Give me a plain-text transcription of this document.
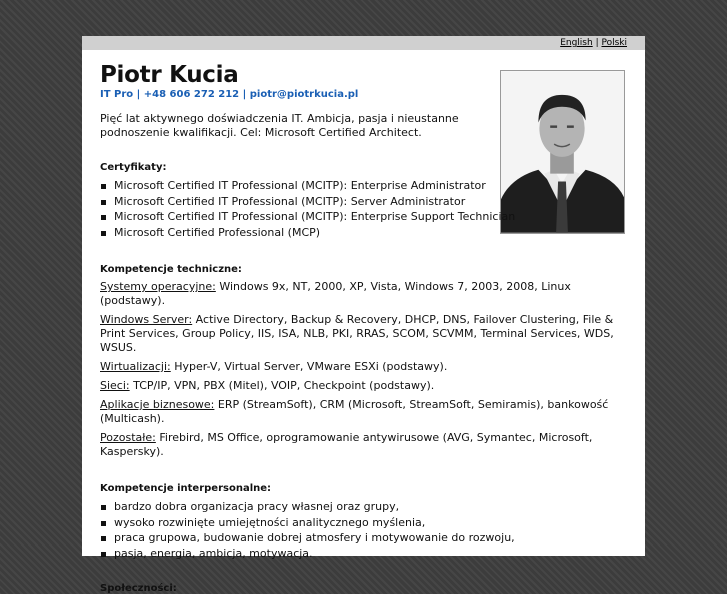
English | Polski
Piotr Kucia
IT Pro | +48 606 272 212 | piotr@piotrkucia.pl
Pięć lat aktywnego doświadczenia IT. Ambicja, pasja i nieustanne podnoszenie kwalifikacji. Cel: Microsoft Certified Architect.
Certyfikaty:
Microsoft Certified IT Professional (MCITP): Enterprise Administrator
Microsoft Certified IT Professional (MCITP): Server Administrator
Microsoft Certified IT Professional (MCITP): Enterprise Support Technician
Microsoft Certified Professional (MCP)
Kompetencje techniczne:
Systemy operacyjne: Windows 9x, NT, 2000, XP, Vista, Windows 7, 2003, 2008, Linux (podstawy).
Windows Server: Active Directory, Backup & Recovery, DHCP, DNS, Failover Clustering, File & Print Services, Group Policy, IIS, ISA, NLB, PKI, RRAS, SCOM, SCVMM, Terminal Services, WDS, WSUS.
Wirtualizacji: Hyper-V, Virtual Server, VMware ESXi (podstawy).
Sieci: TCP/IP, VPN, PBX (Mitel), VOIP, Checkpoint (podstawy).
Aplikacje biznesowe: ERP (StreamSoft), CRM (Microsoft, StreamSoft, Semiramis), bankowość (Multicash).
Pozostałe: Firebird, MS Office, oprogramowanie antywirusowe (AVG, Symantec, Microsoft, Kaspersky).
Kompetencje interpersonalne:
bardzo dobra organizacja pracy własnej oraz grupy,
wysoko rozwinięte umiejętności analitycznego myślenia,
praca grupowa, budowanie dobrej atmosfery i motywowanie do rozwoju,
pasja, energia, ambicja, motywacja.
Społeczności:
